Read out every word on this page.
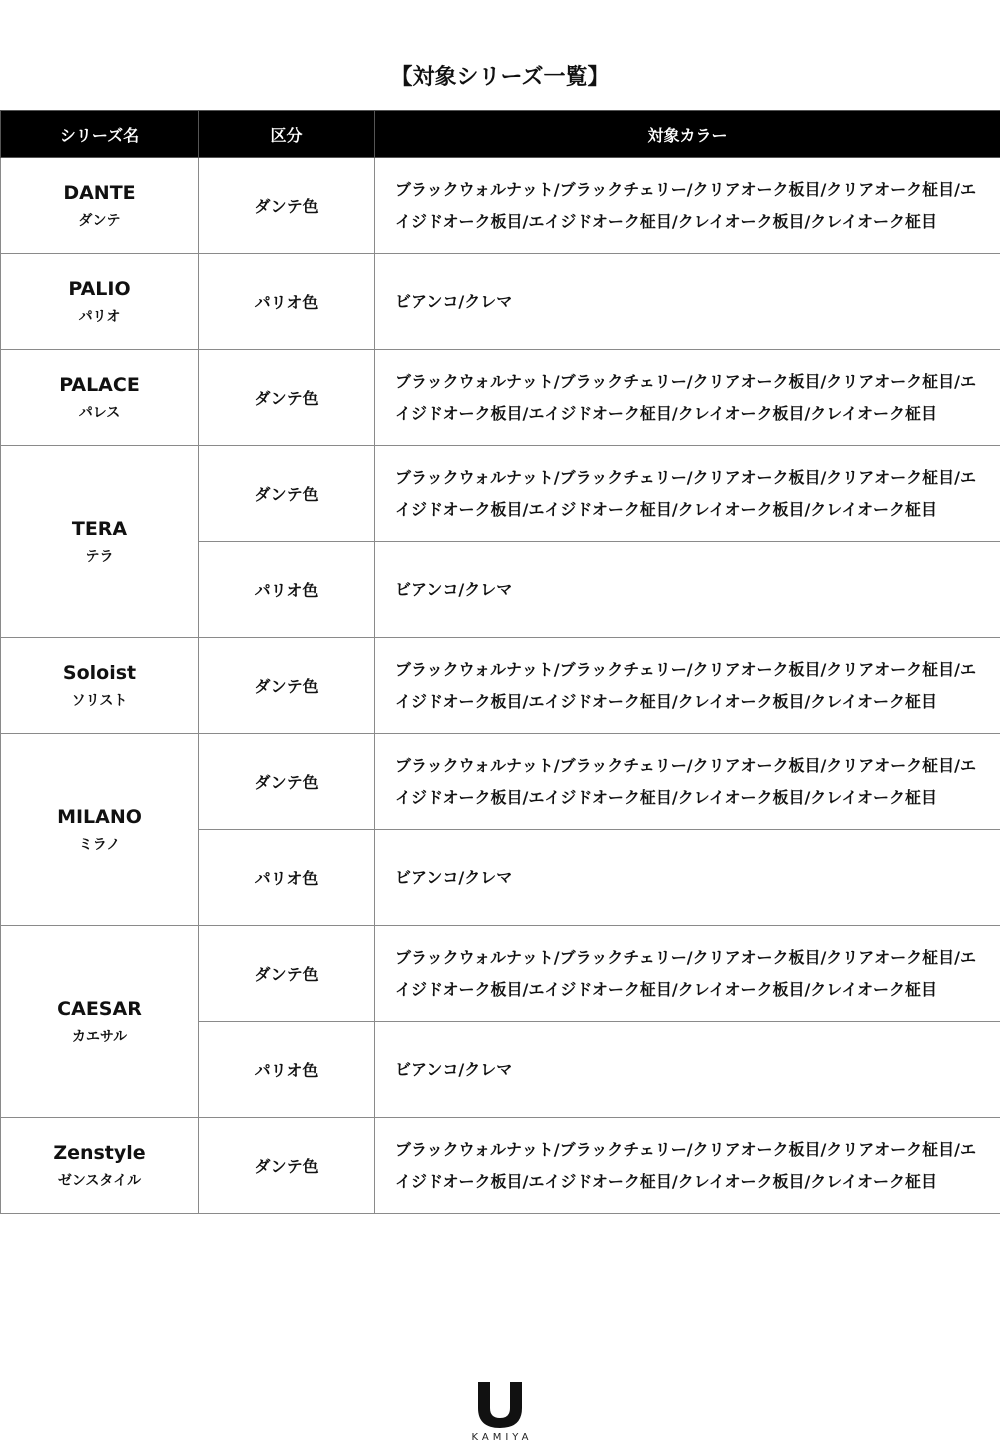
【対象シリーズ一覧】
シリーズ名	区分	対象カラー

DANTE
ダンテ	ダンテ色	ブラックウォルナット/ブラックチェリー/クリアオーク板目/クリアオーク柾目/エイジドオーク板目/エイジドオーク柾目/クレイオーク板目/クレイオーク柾目

PALIO
パリオ	パリオ色	ビアンコ/クレマ

PALACE
パレス	ダンテ色	ブラックウォルナット/ブラックチェリー/クリアオーク板目/クリアオーク柾目/エイジドオーク板目/エイジドオーク柾目/クレイオーク板目/クレイオーク柾目

TERA
テラ	ダンテ色	ブラックウォルナット/ブラックチェリー/クリアオーク板目/クリアオーク柾目/エイジドオーク板目/エイジドオーク柾目/クレイオーク板目/クレイオーク柾目
	パリオ色	ビアンコ/クレマ

Soloist
ソリスト	ダンテ色	ブラックウォルナット/ブラックチェリー/クリアオーク板目/クリアオーク柾目/エイジドオーク板目/エイジドオーク柾目/クレイオーク板目/クレイオーク柾目

MILANO
ミラノ	ダンテ色	ブラックウォルナット/ブラックチェリー/クリアオーク板目/クリアオーク柾目/エイジドオーク板目/エイジドオーク柾目/クレイオーク板目/クレイオーク柾目
	パリオ色	ビアンコ/クレマ

CAESAR
カエサル	ダンテ色	ブラックウォルナット/ブラックチェリー/クリアオーク板目/クリアオーク柾目/エイジドオーク板目/エイジドオーク柾目/クレイオーク板目/クレイオーク柾目
	パリオ色	ビアンコ/クレマ

Zenstyle
ゼンスタイル	ダンテ色	ブラックウォルナット/ブラックチェリー/クリアオーク板目/クリアオーク柾目/エイジドオーク板目/エイジドオーク柾目/クレイオーク板目/クレイオーク柾目
KAMIYA
